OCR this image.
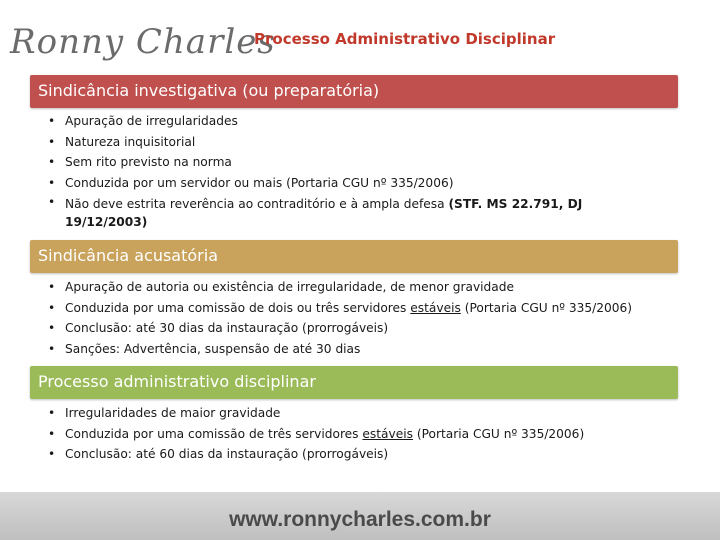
Ronny Charles
Processo Administrativo Disciplinar
Sindicância investigativa (ou preparatória)
• Apuração de irregularidades
• Natureza inquisitorial
• Sem rito previsto na norma
• Conduzida por um servidor ou mais (Portaria CGU nº 335/2006)
• Não deve estrita reverência ao contraditório e à ampla defesa (STF. MS 22.791, DJ 19/12/2003)
Sindicância acusatória
• Apuração de autoria ou existência de irregularidade, de menor gravidade
• Conduzida por uma comissão de dois ou três servidores estáveis (Portaria CGU nº 335/2006)
• Conclusão: até 30 dias da instauração (prorrogáveis)
• Sanções: Advertência, suspensão de até 30 dias
Processo administrativo disciplinar
• Irregularidades de maior gravidade
• Conduzida por uma comissão de três servidores estáveis (Portaria CGU nº 335/2006)
• Conclusão: até 60 dias da instauração (prorrogáveis)
www.ronnycharles.com.br
